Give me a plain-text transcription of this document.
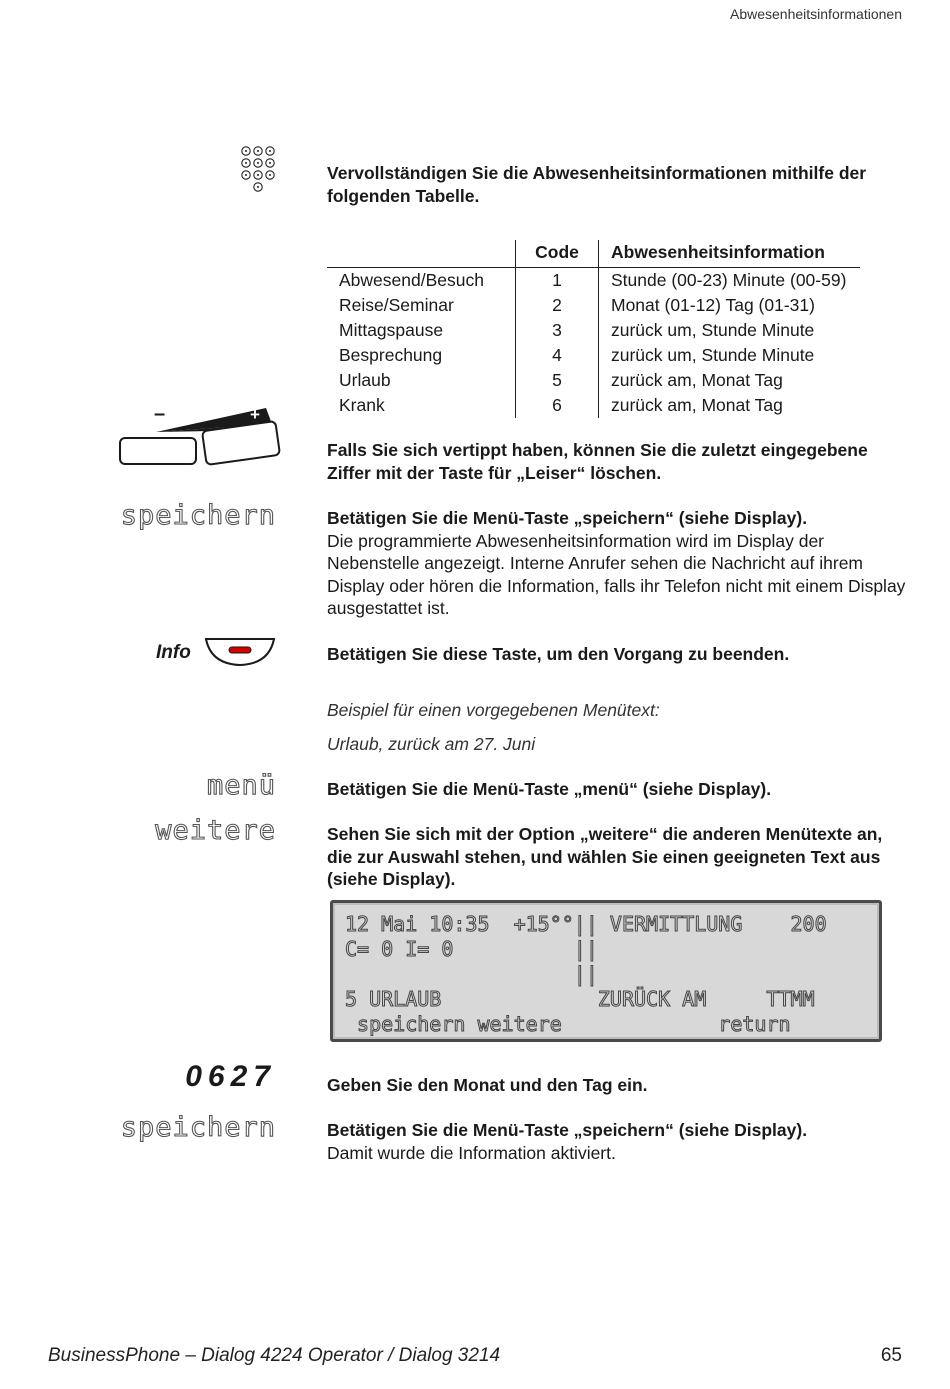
Abwesenheitsinformationen
Vervollständigen Sie die Abwesenheitsinformationen mithilfe der folgenden Tabelle.
	Code	Abwesenheitsinformation
Abwesend/Besuch	1	Stunde (00-23) Minute (00-59)
Reise/Seminar	2	Monat (01-12) Tag (01-31)
Mittagspause	3	zurück um, Stunde Minute
Besprechung	4	zurück um, Stunde Minute
Urlaub	5	zurück am, Monat Tag
Krank	6	zurück am, Monat Tag
–	+
Falls Sie sich vertippt haben, können Sie die zuletzt eingegebene Ziffer mit der Taste für „Leiser“ löschen.
speichern	Betätigen Sie die Menü-Taste „speichern“ (siehe Display).
Die programmierte Abwesenheitsinformation wird im Display der Nebenstelle angezeigt. Interne Anrufer sehen die Nachricht auf ihrem Display oder hören die Information, falls ihr Telefon nicht mit einem Display ausgestattet ist.
Info	Betätigen Sie diese Taste, um den Vorgang zu beenden.
Beispiel für einen vorgegebenen Menütext:
Urlaub, zurück am 27. Juni
menü	Betätigen Sie die Menü-Taste „menü“ (siehe Display).
weitere	Sehen Sie sich mit der Option „weitere“ die anderen Menütexte an, die zur Auswahl stehen, und wählen Sie einen geeigneten Text aus (siehe Display).
12 Mai 10:35  +15°°|| VERMITTLUNG    200
C= 0 I= 0          ||
||
5 URLAUB             ZURÜCK AM     TTMM
speichern weitere             return
0627	Geben Sie den Monat und den Tag ein.
speichern	Betätigen Sie die Menü-Taste „speichern“ (siehe Display).
Damit wurde die Information aktiviert.
BusinessPhone – Dialog 4224 Operator / Dialog 3214	65
